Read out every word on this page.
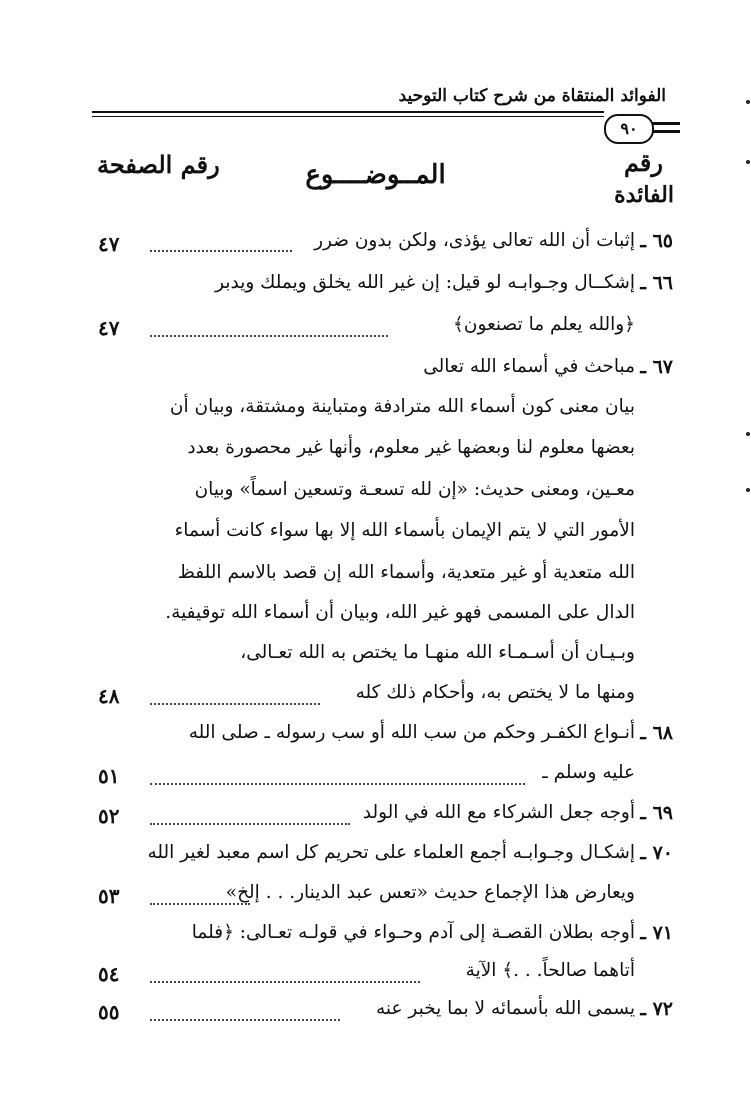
الفوائد المنتقاة من شرح كتاب التوحيد
٩٠
رقم
الفائدة
المــوضــــوع
رقم الصفحة
٦٥ ـ
إثبات أن الله تعالى يؤذى، ولكن بدون ضرر
٤٧
٦٦ ـ
إشكــال وجـوابـه لو قيل: إن غير الله يخلق ويملك ويدبر
﴿والله يعلم ما تصنعون﴾
٤٧
٦٧ ـ
مباحث في أسماء الله تعالى
بيان معنى كون أسماء الله مترادفة ومتباينة ومشتقة، وبيان أن
بعضها معلوم لنا وبعضها غير معلوم، وأنها غير محصورة بعدد
معـين، ومعنى حديث: «إن لله تسعـة وتسعين اسماً» وبيان
الأمور التي لا يتم الإيمان بأسماء الله إلا بها سواء كانت أسماء
الله متعدية أو غير متعدية، وأسماء الله إن قصد بالاسم اللفظ
الدال على المسمى فهو غير الله، وبيان أن أسماء الله توقيفية.
وبـيـان أن أسـمـاء الله منهـا ما يختص به الله تعـالى،
ومنها ما لا يختص به، وأحكام ذلك كله
٤٨
٦٨ ـ
أنـواع الكفـر وحكم من سب الله أو سب رسوله ـ صلى الله
عليه وسلم ـ
٥١
٦٩ ـ
أوجه جعل الشركاء مع الله في الولد
٥٢
٧٠ ـ
إشكـال وجـوابـه أجمع العلماء على تحريم كل اسم معبد لغير الله
ويعارض هذا الإجماع حديث «تعس عبد الدينار. . . إلخ»
٥٣
٧١ ـ
أوجه بطلان القصـة إلى آدم وحـواء في قولـه تعـالى: ﴿فلما
أتاهما صالحاً. . .﴾ الآية
٥٤
٧٢ ـ
يسمى الله بأسمائه لا بما يخبر عنه
٥٥
